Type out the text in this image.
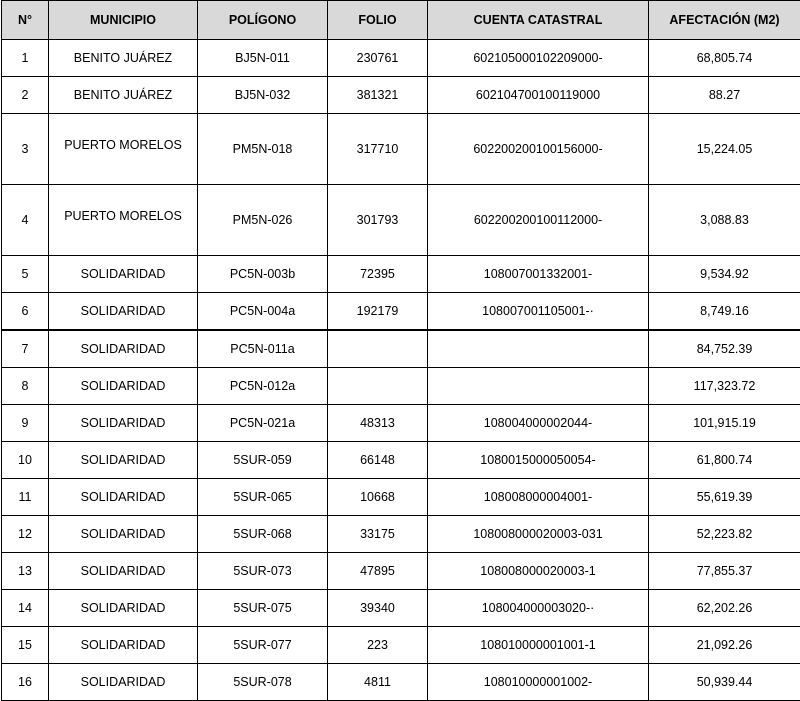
N°	MUNICIPIO	POLÍGONO	FOLIO	CUENTA CATASTRAL	AFECTACIÓN (M2)
1	BENITO JUÁREZ	BJ5N-011	230761	602105000102209000-	68,805.74
2	BENITO JUÁREZ	BJ5N-032	381321	602104700100119000	88.27
3	PUERTO MORELOS	PM5N-018	317710	602200200100156000-	15,224.05
4	PUERTO MORELOS	PM5N-026	301793	602200200100112000-	3,088.83
5	SOLIDARIDAD	PC5N-003b	72395	108007001332001-	9,534.92
6	SOLIDARIDAD	PC5N-004a	192179	108007001105001-·	8,749.16
7	SOLIDARIDAD	PC5N-011a			84,752.39
8	SOLIDARIDAD	PC5N-012a			117,323.72
9	SOLIDARIDAD	PC5N-021a	48313	108004000002044-	101,915.19
10	SOLIDARIDAD	5SUR-059	66148	1080015000050054-	61,800.74
11	SOLIDARIDAD	5SUR-065	10668	108008000004001-	55,619.39
12	SOLIDARIDAD	5SUR-068	33175	108008000020003-031	52,223.82
13	SOLIDARIDAD	5SUR-073	47895	108008000020003-1	77,855.37
14	SOLIDARIDAD	5SUR-075	39340	108004000003020-·	62,202.26
15	SOLIDARIDAD	5SUR-077	223	108010000001001-1	21,092.26
16	SOLIDARIDAD	5SUR-078	4811	108010000001002-	50,939.44
